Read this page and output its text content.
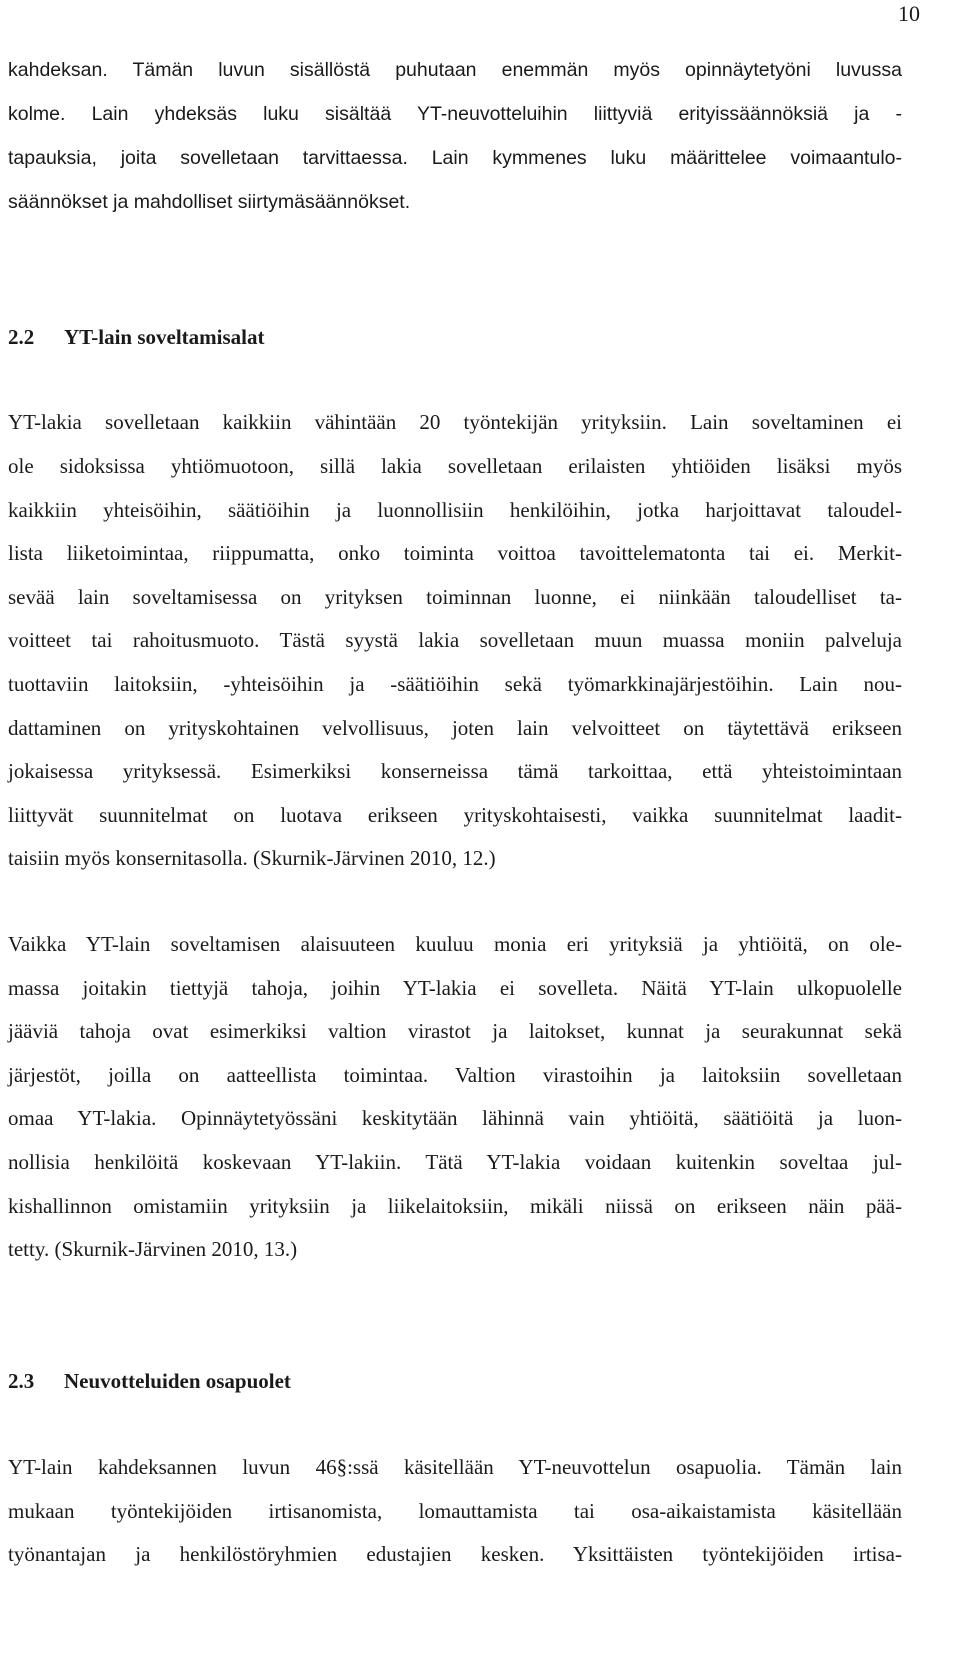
10
kahdeksan. Tämän luvun sisällöstä puhutaan enemmän myös opinnäytetyöni luvussa
kolme. Lain yhdeksäs luku sisältää YT-neuvotteluihin liittyviä erityissäännöksiä ja -
tapauksia, joita sovelletaan tarvittaessa. Lain kymmenes luku määrittelee voimaantulo-
säännökset ja mahdolliset siirtymäsäännökset.
2.2 YT-lain soveltamisalat
YT-lakia sovelletaan kaikkiin vähintään 20 työntekijän yrityksiin. Lain soveltaminen ei
ole sidoksissa yhtiömuotoon, sillä lakia sovelletaan erilaisten yhtiöiden lisäksi myös
kaikkiin yhteisöihin, säätiöihin ja luonnollisiin henkilöihin, jotka harjoittavat taloudel-
lista liiketoimintaa, riippumatta, onko toiminta voittoa tavoittelematonta tai ei. Merkit-
sevää lain soveltamisessa on yrityksen toiminnan luonne, ei niinkään taloudelliset ta-
voitteet tai rahoitusmuoto. Tästä syystä lakia sovelletaan muun muassa moniin palveluja
tuottaviin laitoksiin, -yhteisöihin ja -säätiöihin sekä työmarkkinajärjestöihin. Lain nou-
dattaminen on yrityskohtainen velvollisuus, joten lain velvoitteet on täytettävä erikseen
jokaisessa yrityksessä. Esimerkiksi konserneissa tämä tarkoittaa, että yhteistoimintaan
liittyvät suunnitelmat on luotava erikseen yrityskohtaisesti, vaikka suunnitelmat laadit-
taisiin myös konsernitasolla. (Skurnik-Järvinen 2010, 12.)
Vaikka YT-lain soveltamisen alaisuuteen kuuluu monia eri yrityksiä ja yhtiöitä, on ole-
massa joitakin tiettyjä tahoja, joihin YT-lakia ei sovelleta. Näitä YT-lain ulkopuolelle
jääviä tahoja ovat esimerkiksi valtion virastot ja laitokset, kunnat ja seurakunnat sekä
järjestöt, joilla on aatteellista toimintaa. Valtion virastoihin ja laitoksiin sovelletaan
omaa YT-lakia. Opinnäytetyössäni keskitytään lähinnä vain yhtiöitä, säätiöitä ja luon-
nollisia henkilöitä koskevaan YT-lakiin. Tätä YT-lakia voidaan kuitenkin soveltaa jul-
kishallinnon omistamiin yrityksiin ja liikelaitoksiin, mikäli niissä on erikseen näin pää-
tetty. (Skurnik-Järvinen 2010, 13.)
2.3 Neuvotteluiden osapuolet
YT-lain kahdeksannen luvun 46§:ssä käsitellään YT-neuvottelun osapuolia. Tämän lain
mukaan työntekijöiden irtisanomista, lomauttamista tai osa-aikaistamista käsitellään
työnantajan ja henkilöstöryhmien edustajien kesken. Yksittäisten työntekijöiden irtisa-
